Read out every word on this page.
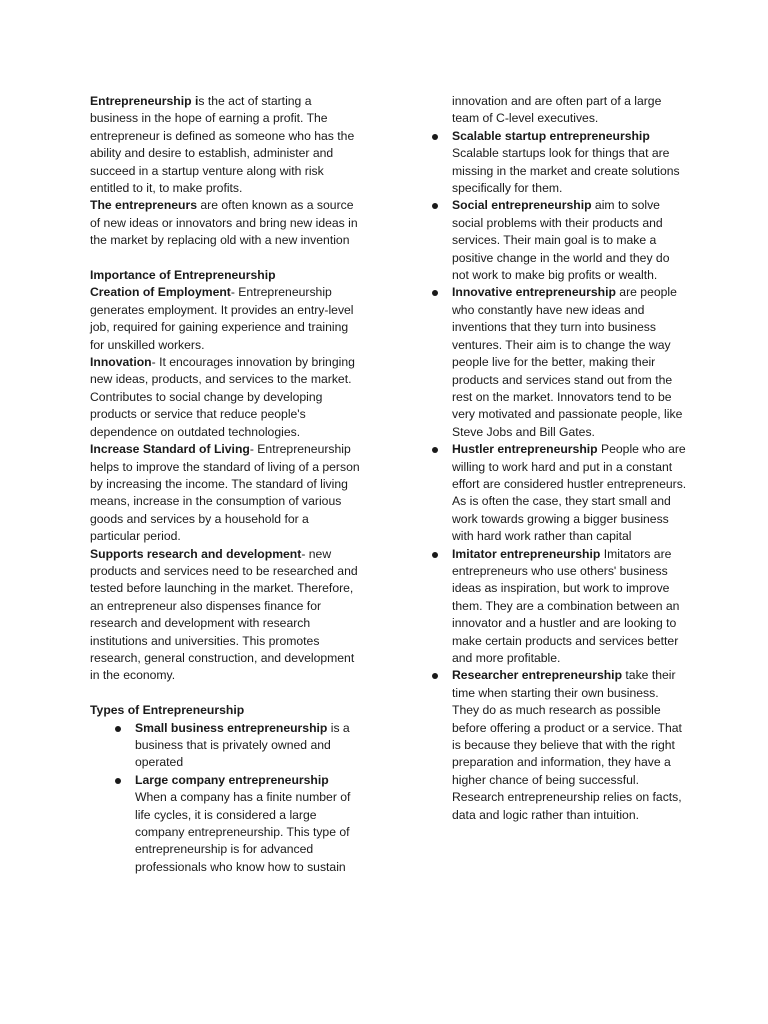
Entrepreneurship is the act of starting a business in the hope of earning a profit. The entrepreneur is defined as someone who has the ability and desire to establish, administer and succeed in a startup venture along with risk entitled to it, to make profits.

The entrepreneurs are often known as a source of new ideas or innovators and bring new ideas in the market by replacing old with a new invention

Importance of Entrepreneurship

Creation of Employment- Entrepreneurship generates employment. It provides an entry-level job, required for gaining experience and training for unskilled workers.

Innovation- It encourages innovation by bringing new ideas, products, and services to the market.

Contributes to social change by developing products or service that reduce people's dependence on outdated technologies.

Increase Standard of Living- Entrepreneurship helps to improve the standard of living of a person by increasing the income. The standard of living means, increase in the consumption of various goods and services by a household for a particular period.

Supports research and development- new products and services need to be researched and tested before launching in the market. Therefore, an entrepreneur also dispenses finance for research and development with research institutions and universities. This promotes research, general construction, and development in the economy.

Types of Entrepreneurship

Small business entrepreneurship is a business that is privately owned and operated
Large company entrepreneurship When a company has a finite number of life cycles, it is considered a large company entrepreneurship. This type of entrepreneurship is for advanced professionals who know how to sustain
innovation and are often part of a large team of C-level executives.
Scalable startup entrepreneurship
Scalable startups look for things that are missing in the market and create solutions specifically for them.
Social entrepreneurship aim to solve social problems with their products and services. Their main goal is to make a positive change in the world and they do not work to make big profits or wealth.
Innovative entrepreneurship are people who constantly have new ideas and inventions that they turn into business ventures. Their aim is to change the way people live for the better, making their products and services stand out from the rest on the market. Innovators tend to be very motivated and passionate people, like Steve Jobs and Bill Gates.
Hustler entrepreneurship People who are willing to work hard and put in a constant effort are considered hustler entrepreneurs. As is often the case, they start small and work towards growing a bigger business with hard work rather than capital
Imitator entrepreneurship Imitators are entrepreneurs who use others' business ideas as inspiration, but work to improve them. They are a combination between an innovator and a hustler and are looking to make certain products and services better and more profitable.
Researcher entrepreneurship take their time when starting their own business. They do as much research as possible before offering a product or a service. That is because they believe that with the right preparation and information, they have a higher chance of being successful. Research entrepreneurship relies on facts, data and logic rather than intuition.
